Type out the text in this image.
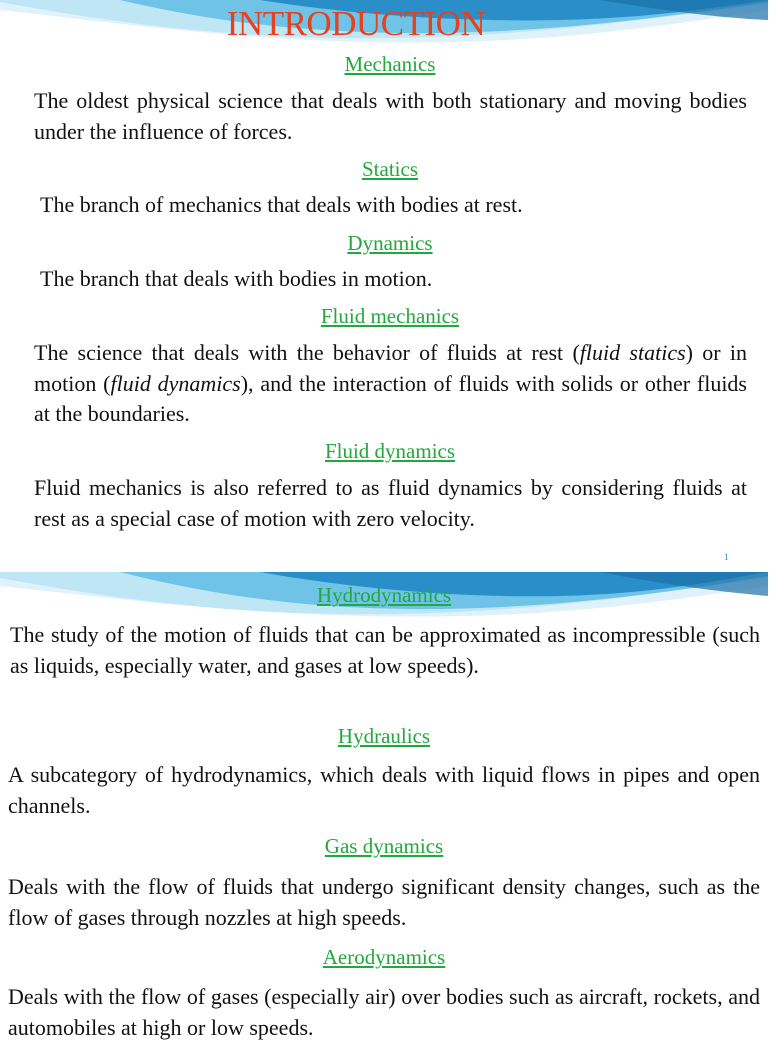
INTRODUCTION
Mechanics
The oldest physical science that deals with both stationary and moving bodies under the influence of forces.
Statics
The branch of mechanics that deals with bodies at rest.
Dynamics
The branch that deals with bodies in motion.
Fluid mechanics
The science that deals with the behavior of fluids at rest (fluid statics) or in motion (fluid dynamics), and the interaction of fluids with solids or other fluids at the boundaries.
Fluid dynamics
Fluid mechanics is also referred to as fluid dynamics by considering fluids at rest as a special case of motion with zero velocity.
1
Hydrodynamics
The study of the motion of fluids that can be approximated as incompressible (such as liquids, especially water, and gases at low speeds).
Hydraulics
A subcategory of hydrodynamics, which deals with liquid flows in pipes and open channels.
Gas dynamics
Deals with the flow of fluids that undergo significant density changes, such as the flow of gases through nozzles at high speeds.
Aerodynamics
Deals with the flow of gases (especially air) over bodies such as aircraft, rockets, and automobiles at high or low speeds.
